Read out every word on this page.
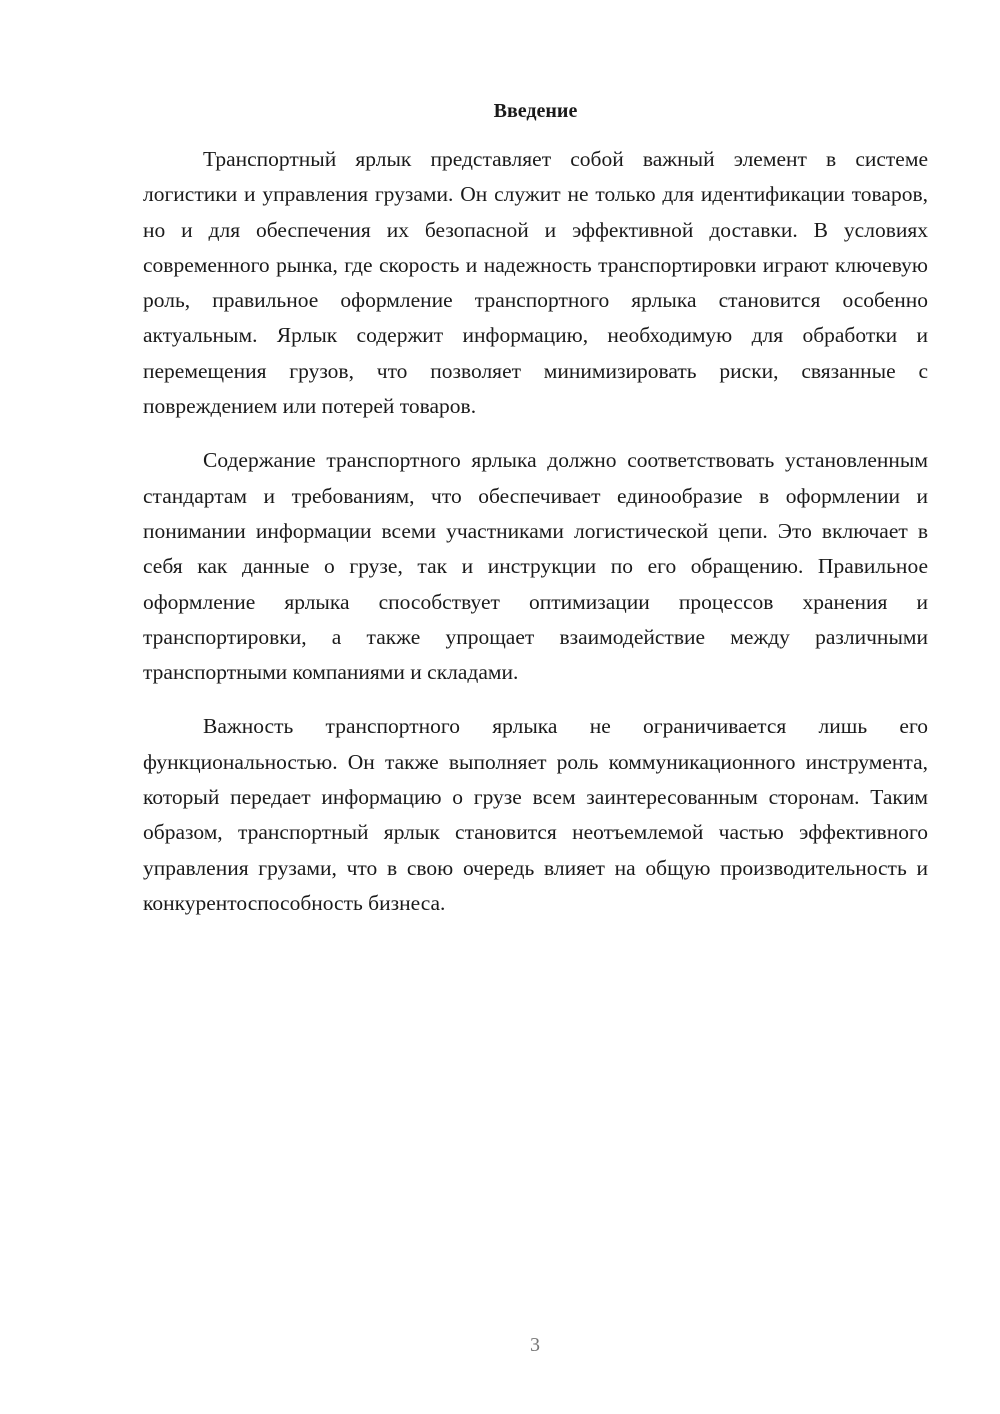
Введение

Транспортный ярлык представляет собой важный элемент в системе логистики и управления грузами. Он служит не только для идентификации товаров, но и для обеспечения их безопасной и эффективной доставки. В условиях современного рынка, где скорость и надежность транспортировки играют ключевую роль, правильное оформление транспортного ярлыка становится особенно актуальным. Ярлык содержит информацию, необходимую для обработки и перемещения грузов, что позволяет минимизировать риски, связанные с повреждением или потерей товаров.

Содержание транспортного ярлыка должно соответствовать установленным стандартам и требованиям, что обеспечивает единообразие в оформлении и понимании информации всеми участниками логистической цепи. Это включает в себя как данные о грузе, так и инструкции по его обращению. Правильное оформление ярлыка способствует оптимизации процессов хранения и транспортировки, а также упрощает взаимодействие между различными транспортными компаниями и складами.

Важность транспортного ярлыка не ограничивается лишь его функциональностью. Он также выполняет роль коммуникационного инструмента, который передает информацию о грузе всем заинтересованным сторонам. Таким образом, транспортный ярлык становится неотъемлемой частью эффективного управления грузами, что в свою очередь влияет на общую производительность и конкурентоспособность бизнеса.

3
